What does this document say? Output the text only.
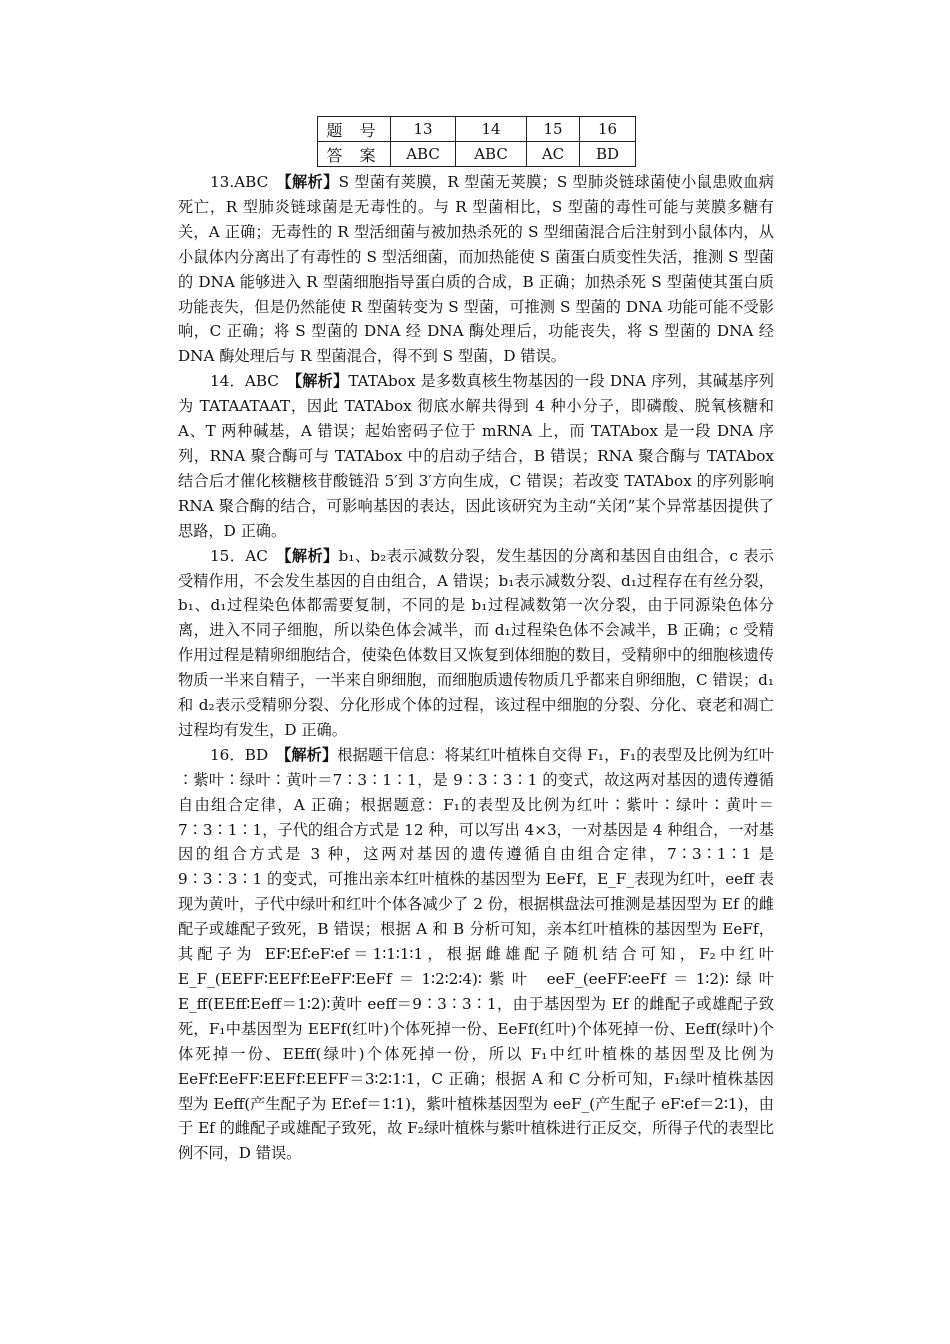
题 号	13	14	15	16
答 案	ABC	ABC	AC	BD

13.ABC　 【解析】S 型菌有荚膜，R 型菌无荚膜；S 型肺炎链球菌使小鼠患败血病死亡，R 型肺炎链球菌是无毒性的。与 R 型菌相比，S 型菌的毒性可能与荚膜多糖有关，A 正确；无毒性的 R 型活细菌与被加热杀死的 S 型细菌混合后注射到小鼠体内，从小鼠体内分离出了有毒性的 S 型活细菌，而加热能使 S 菌蛋白质变性失活，推测 S 型菌的 DNA 能够进入 R 型菌细胞指导蛋白质的合成，B 正确；加热杀死 S 型菌使其蛋白质功能丧失，但是仍然能使 R 型菌转变为 S 型菌，可推测 S 型菌的 DNA 功能可能不受影响，C 正确；将 S 型菌的 DNA 经 DNA 酶处理后，功能丧失，将 S 型菌的 DNA 经 DNA 酶处理后与 R 型菌混合，得不到 S 型菌，D 错误。

14．ABC　 【解析】TATAbox 是多数真核生物基因的一段 DNA 序列，其碱基序列为 TATAATAAT，因此 TATAbox 彻底水解共得到 4 种小分子，即磷酸、脱氧核糖和 A、T 两种碱基，A 错误；起始密码子位于 mRNA 上，而 TATAbox 是一段 DNA 序列，RNA 聚合酶可与 TATAbox 中的启动子结合，B 错误；RNA 聚合酶与 TATAbox 结合后才催化核糖核苷酸链沿 5′到 3′方向生成，C 错误；若改变 TATAbox 的序列影响 RNA 聚合酶的结合，可影响基因的表达，因此该研究为主动“关闭”某个异常基因提供了思路，D 正确。

15．AC　 【解析】b₁、b₂表示减数分裂，发生基因的分离和基因自由组合，c 表示受精作用，不会发生基因的自由组合，A 错误；b₁表示减数分裂、d₁过程存在有丝分裂，b₁、d₁过程染色体都需要复制，不同的是 b₁过程减数第一次分裂，由于同源染色体分离，进入不同子细胞，所以染色体会减半，而 d₁过程染色体不会减半，B 正确；c 受精作用过程是精卵细胞结合，使染色体数目又恢复到体细胞的数目，受精卵中的细胞核遗传物质一半来自精子，一半来自卵细胞，而细胞质遗传物质几乎都来自卵细胞，C 错误；d₁和 d₂表示受精卵分裂、分化形成个体的过程，该过程中细胞的分裂、分化、衰老和凋亡过程均有发生，D 正确。

16．BD　 【解析】根据题干信息：将某红叶植株自交得 F₁，F₁的表型及比例为红叶∶紫叶∶绿叶∶黄叶＝7∶3∶1∶1，是 9∶3∶3∶1 的变式，故这两对基因的遗传遵循自由组合定律，A 正确；根据题意：F₁的表型及比例为红叶∶紫叶∶绿叶∶黄叶＝7∶3∶1∶1，子代的组合方式是 12 种，可以写出 4×3，一对基因是 4 种组合，一对基因的组合方式是 3 种，这两对基因的遗传遵循自由组合定律，7∶3∶1∶1 是 9∶3∶3∶1 的变式，可推出亲本红叶植株的基因型为 EeFf，E_F_表现为红叶，eeff 表现为黄叶，子代中绿叶和红叶个体各减少了 2 份，根据棋盘法可推测是基因型为 Ef 的雌配子或雄配子致死，B 错误；根据 A 和 B 分析可知，亲本红叶植株的基因型为 EeFf，其配子为 EF∶Ef∶eF∶ef＝1∶1∶1∶1，根据雌雄配子随机结合可知，F₂中红叶 E_F_(EEFF∶EEFf∶EeFF∶EeFf＝1∶2∶2∶4)∶紫叶 eeF_(eeFF∶eeFf＝1∶2)∶绿叶 E_ff(EEff∶Eeff＝1∶2)∶黄叶 eeff＝9∶3∶3∶1，由于基因型为 Ef 的雌配子或雄配子致死，F₁中基因型为 EEFf(红叶)个体死掉一份、EeFf(红叶)个体死掉一份、Eeff(绿叶)个体死掉一份、EEff(绿叶)个体死掉一份，所以 F₁中红叶植株的基因型及比例为 EeFf∶EeFF∶EEFf∶EEFF＝3∶2∶1∶1，C 正确；根据 A 和 C 分析可知，F₁绿叶植株基因型为 Eeff(产生配子为 Ef∶ef＝1∶1)，紫叶植株基因型为 eeF_(产生配子 eF∶ef＝2∶1)，由于 Ef 的雌配子或雄配子致死，故 F₂绿叶植株与紫叶植株进行正反交，所得子代的表型比例不同，D 错误。
